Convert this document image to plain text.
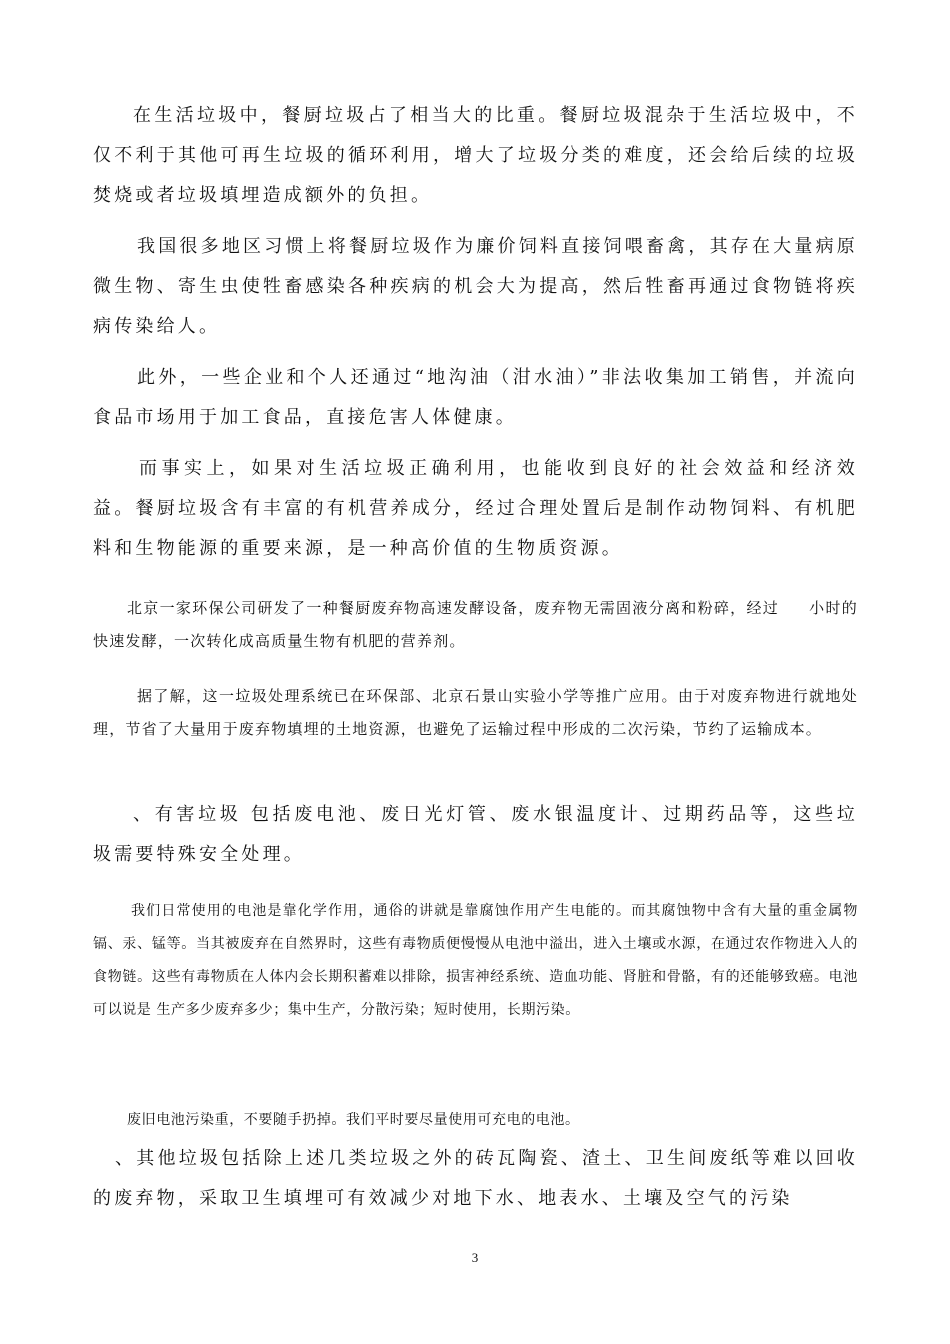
在生活垃圾中，餐厨垃圾占了相当大的比重。餐厨垃圾混杂于生活垃圾中，不仅不利于其他可再生垃圾的循环利用，增大了垃圾分类的难度，还会给后续的垃圾焚烧或者垃圾填埋造成额外的负担。

我国很多地区习惯上将餐厨垃圾作为廉价饲料直接饲喂畜禽，其存在大量病原微生物、寄生虫使牲畜感染各种疾病的机会大为提高，然后牲畜再通过食物链将疾病传染给人。

此外，一些企业和个人还通过“地沟油（泔水油）”非法收集加工销售，并流向食品市场用于加工食品，直接危害人体健康。

而事实上，如果对生活垃圾正确利用，也能收到良好的社会效益和经济效益。餐厨垃圾含有丰富的有机营养成分，经过合理处置后是制作动物饲料、有机肥料和生物能源的重要来源，是一种高价值的生物质资源。

北京一家环保公司研发了一种餐厨废弃物高速发酵设备，废弃物无需固液分离和粉碎，经过 小时的快速发酵，一次转化成高质量生物有机肥的营养剂。

据了解，这一垃圾处理系统已在环保部、北京石景山实验小学等推广应用。由于对废弃物进行就地处理，节省了大量用于废弃物填埋的土地资源，也避免了运输过程中形成的二次污染，节约了运输成本。

、有害垃圾 包括废电池、废日光灯管、废水银温度计、过期药品等，这些垃圾需要特殊安全处理。

我们日常使用的电池是靠化学作用，通俗的讲就是靠腐蚀作用产生电能的。而其腐蚀物中含有大量的重金属物　镉、汞、锰等。当其被废弃在自然界时，这些有毒物质便慢慢从电池中溢出，进入土壤或水源，在通过农作物进入人的食物链。这些有毒物质在人体内会长期积蓄难以排除，损害神经系统、造血功能、肾脏和骨骼，有的还能够致癌。电池可以说是 生产多少废弃多少；集中生产，分散污染；短时使用，长期污染。

废旧电池污染重，不要随手扔掉。我们平时要尽量使用可充电的电池。

、其他垃圾包括除上述几类垃圾之外的砖瓦陶瓷、渣土、卫生间废纸等难以回收的废弃物，采取卫生填埋可有效减少对地下水、地表水、土壤及空气的污染

3
